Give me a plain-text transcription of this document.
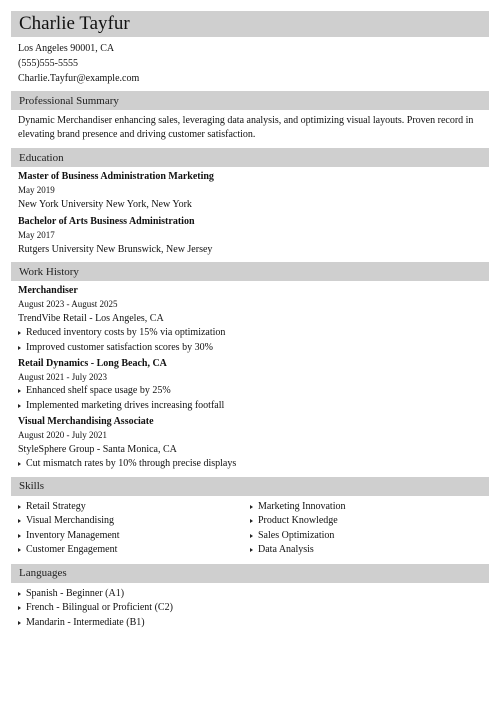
Charlie Tayfur
Los Angeles 90001, CA
(555)555-5555
Charlie.Tayfur@example.com
Professional Summary
Dynamic Merchandiser enhancing sales, leveraging data analysis, and optimizing visual layouts. Proven record in elevating brand presence and driving customer satisfaction.
Education
Master of Business Administration Marketing
May 2019
New York University New York, New York
Bachelor of Arts Business Administration
May 2017
Rutgers University New Brunswick, New Jersey
Work History
Merchandiser
August 2023 - August 2025
TrendVibe Retail - Los Angeles, CA
Reduced inventory costs by 15% via optimization
Improved customer satisfaction scores by 30%
Retail Dynamics - Long Beach, CA
August 2021 - July 2023
Enhanced shelf space usage by 25%
Implemented marketing drives increasing footfall
Visual Merchandising Associate
August 2020 - July 2021
StyleSphere Group - Santa Monica, CA
Cut mismatch rates by 10% through precise displays
Skills
Retail Strategy
Visual Merchandising
Inventory Management
Customer Engagement
Marketing Innovation
Product Knowledge
Sales Optimization
Data Analysis
Languages
Spanish - Beginner (A1)
French - Bilingual or Proficient (C2)
Mandarin - Intermediate (B1)
